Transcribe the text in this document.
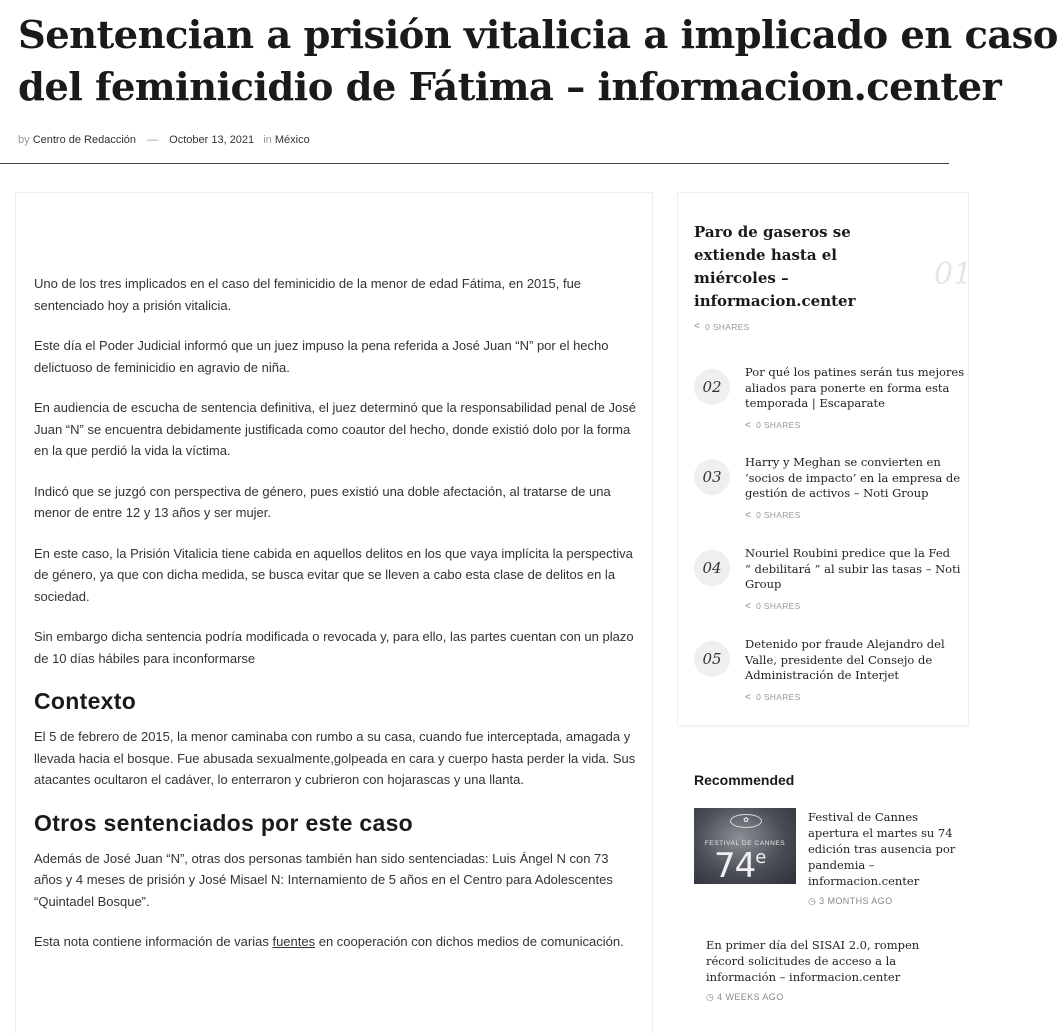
Sentencian a prisión vitalicia a implicado en caso
del feminicidio de Fátima – informacion.center
by Centro de Redacción — October 13, 2021 in México

Uno de los tres implicados en el caso del feminicidio de la menor de edad Fátima, en 2015, fue sentenciado hoy a prisión vitalicia.

Este día el Poder Judicial informó que un juez impuso la pena referida a José Juan “N” por el hecho delictuoso de feminicidio en agravio de niña.

En audiencia de escucha de sentencia definitiva, el juez determinó que la responsabilidad penal de José Juan “N” se encuentra debidamente justificada como coautor del hecho, donde existió dolo por la forma en la que perdió la vida la víctima.

Indicó que se juzgó con perspectiva de género, pues existió una doble afectación, al tratarse de una menor de entre 12 y 13 años y ser mujer.

En este caso, la Prisión Vitalicia tiene cabida en aquellos delitos en los que vaya implícita la perspectiva de género, ya que con dicha medida, se busca evitar que se lleven a cabo esta clase de delitos en la sociedad.

Sin embargo dicha sentencia podría modificada o revocada y, para ello, las partes cuentan con un plazo de 10 días hábiles para inconformarse

Contexto

El 5 de febrero de 2015, la menor caminaba con rumbo a su casa, cuando fue interceptada, amagada y llevada hacia el bosque. Fue abusada sexualmente,golpeada en cara y cuerpo hasta perder la vida. Sus atacantes ocultaron el cadáver, lo enterraron y cubrieron con hojarascas y una llanta.

Otros sentenciados por este caso

Además de José Juan “N”, otras dos personas también han sido sentenciadas: Luis Ángel N con 73 años y 4 meses de prisión y José Misael N: Internamiento de 5 años en el Centro para Adolescentes “Quintadel Bosque”.

Esta nota contiene información de varias fuentes en cooperación con dichos medios de comunicación.

Paro de gaseros se
extiende hasta el
miércoles –
informacion.center
01
< 0 SHARES
02
Por qué los patines serán tus mejores
aliados para ponerte en forma esta
temporada | Escaparate
< 0 SHARES
03
Harry y Meghan se convierten en
‘socios de impacto’ en la empresa de
gestión de activos – Noti Group
< 0 SHARES
04
Nouriel Roubini predice que la Fed
“ debilitará ” al subir las tasas – Noti
Group
< 0 SHARES
05
Detenido por fraude Alejandro del
Valle, presidente del Consejo de
Administración de Interjet
< 0 SHARES
Recommended
✿
FESTIVAL DE CANNES
74e
Festival de Cannes
apertura el martes su 74
edición tras ausencia por
pandemia –
informacion.center
◷ 3 MONTHS AGO
En primer día del SISAI 2.0, rompen
récord solicitudes de acceso a la
información – informacion.center
◷ 4 WEEKS AGO
